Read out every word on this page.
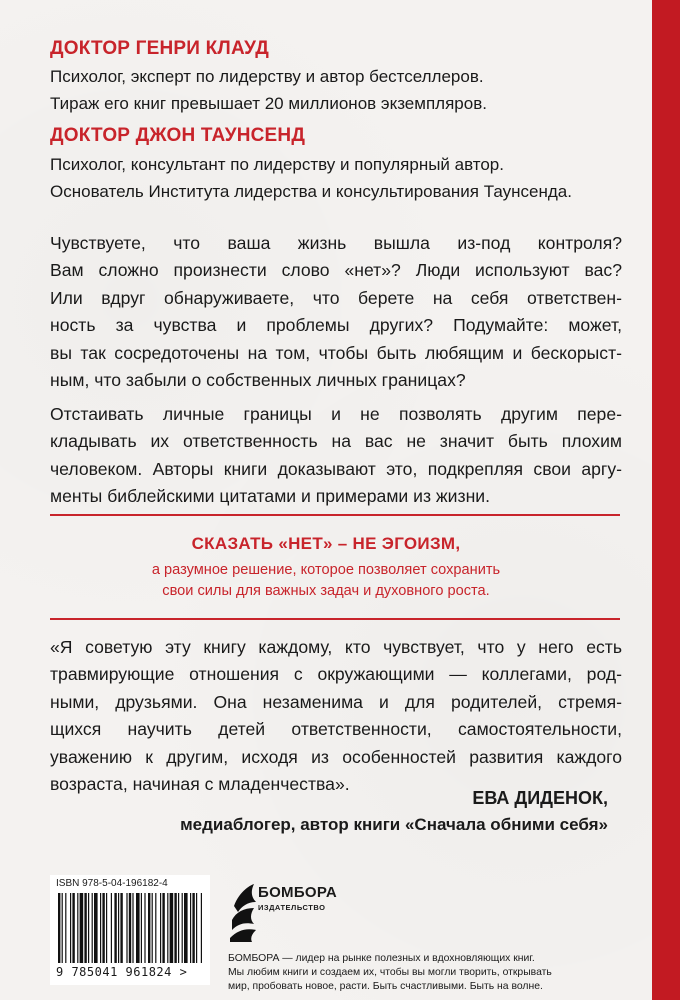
ДОКТОР ГЕНРИ КЛАУД
Психолог, эксперт по лидерству и автор бестселлеров.
Тираж его книг превышает 20 миллионов экземпляров.
ДОКТОР ДЖОН ТАУНСЕНД
Психолог, консультант по лидерству и популярный автор.
Основатель Института лидерства и консультирования Таунсенда.
Чувствуете, что ваша жизнь вышла из-под контроля?
Вам сложно произнести слово «нет»? Люди используют вас?
Или вдруг обнаруживаете, что берете на себя ответствен-
ность за чувства и проблемы других? Подумайте: может,
вы так сосредоточены на том, чтобы быть любящим и бескорыст-
ным, что забыли о собственных личных границах?
Отстаивать личные границы и не позволять другим пере-
кладывать их ответственность на вас не значит быть плохим
человеком. Авторы книги доказывают это, подкрепляя свои аргу-
менты библейскими цитатами и примерами из жизни.
СКАЗАТЬ «НЕТ» – НЕ ЭГОИЗМ,
а разумное решение, которое позволяет сохранить
свои силы для важных задач и духовного роста.
«Я советую эту книгу каждому, кто чувствует, что у него есть
травмирующие отношения с окружающими — коллегами, род-
ными, друзьями. Она незаменима и для родителей, стремя-
щихся научить детей ответственности, самостоятельности,
уважению к другим, исходя из особенностей развития каждого
возраста, начиная с младенчества».
ЕВА ДИДЕНОК,
медиаблогер, автор книги «Сначала обними себя»
ISBN 978-5-04-196182-4
9 785041 961824 >
БОМБОРА
ИЗДАТЕЛЬСТВО
БОМБОРА — лидер на рынке полезных и вдохновляющих книг.
Мы любим книги и создаем их, чтобы вы могли творить, открывать
мир, пробовать новое, расти. Быть счастливыми. Быть на волне.
